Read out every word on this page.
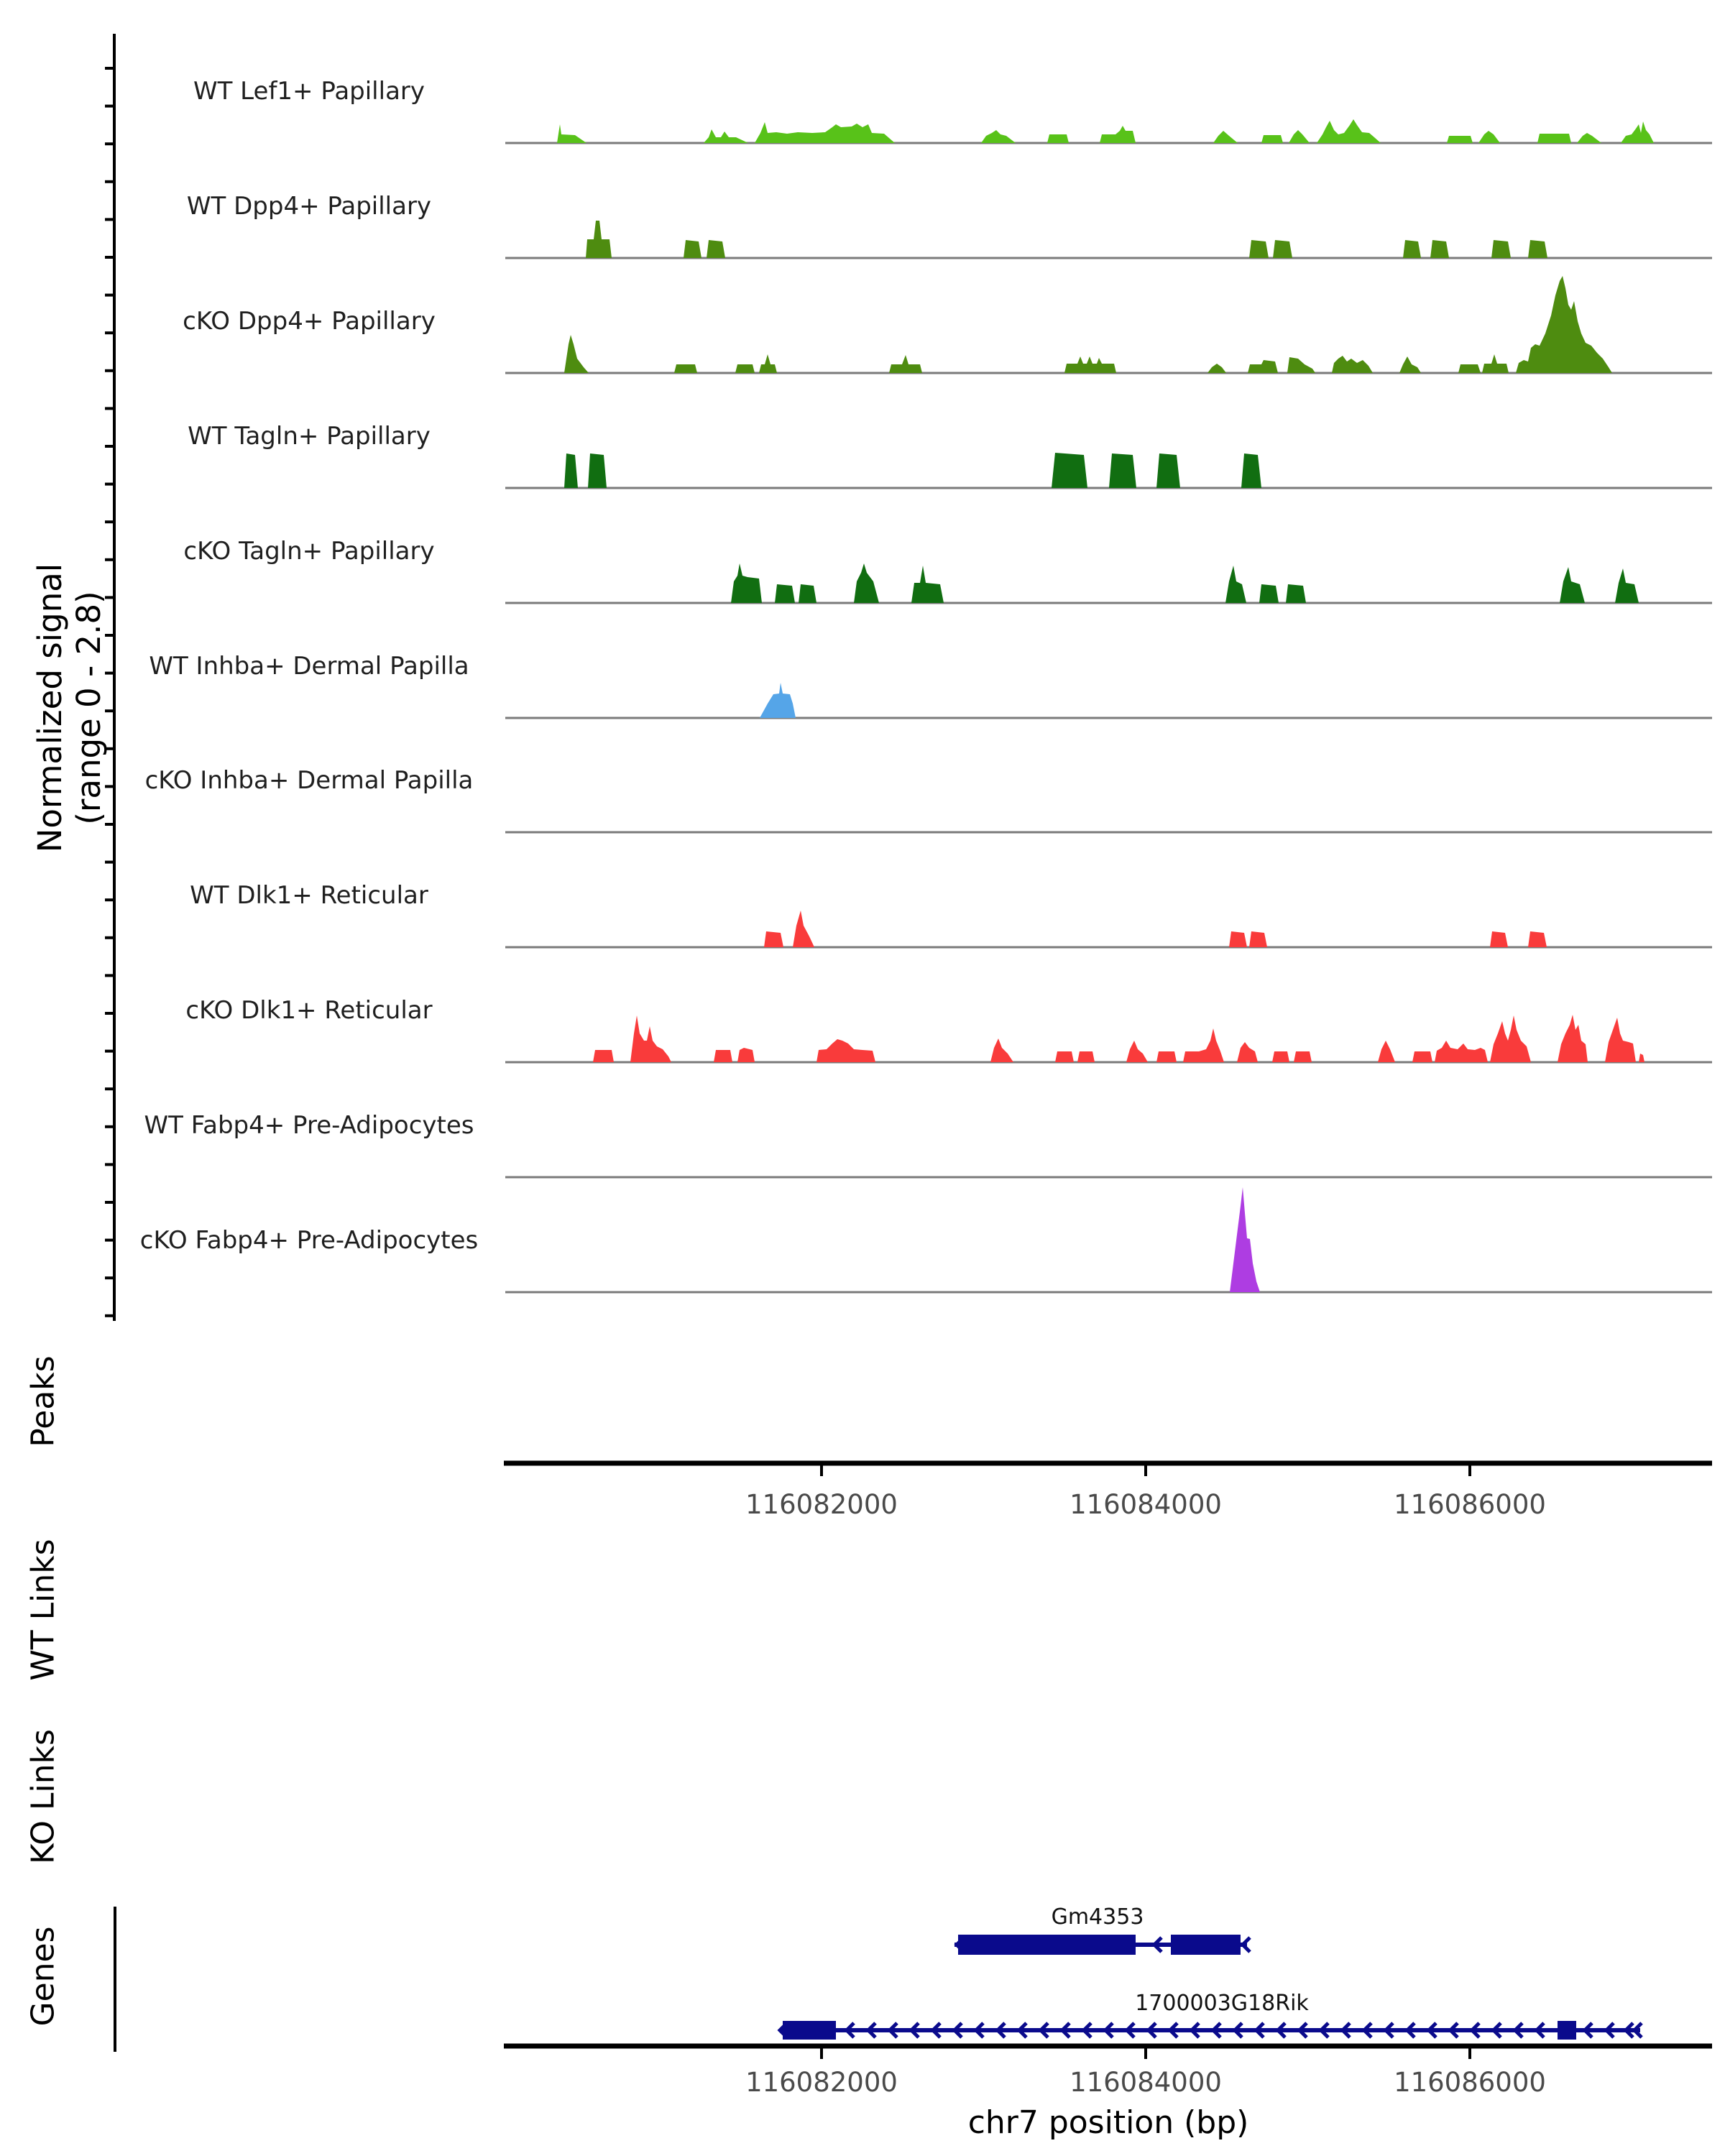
Normalized signal (range 0 - 2.8)
WT Lef1+ Papillary
WT Dpp4+ Papillary
cKO Dpp4+ Papillary
WT Tagln+ Papillary
cKO Tagln+ Papillary
WT Inhba+ Dermal Papilla
cKO Inhba+ Dermal Papilla
WT Dlk1+ Reticular
cKO Dlk1+ Reticular
WT Fabp4+ Pre-Adipocytes
cKO Fabp4+ Pre-Adipocytes
Peaks
WT Links
KO Links
Genes
116082000	116084000	116086000
116082000	116084000	116086000
Gm4353
1700003G18Rik
chr7 position (bp)
